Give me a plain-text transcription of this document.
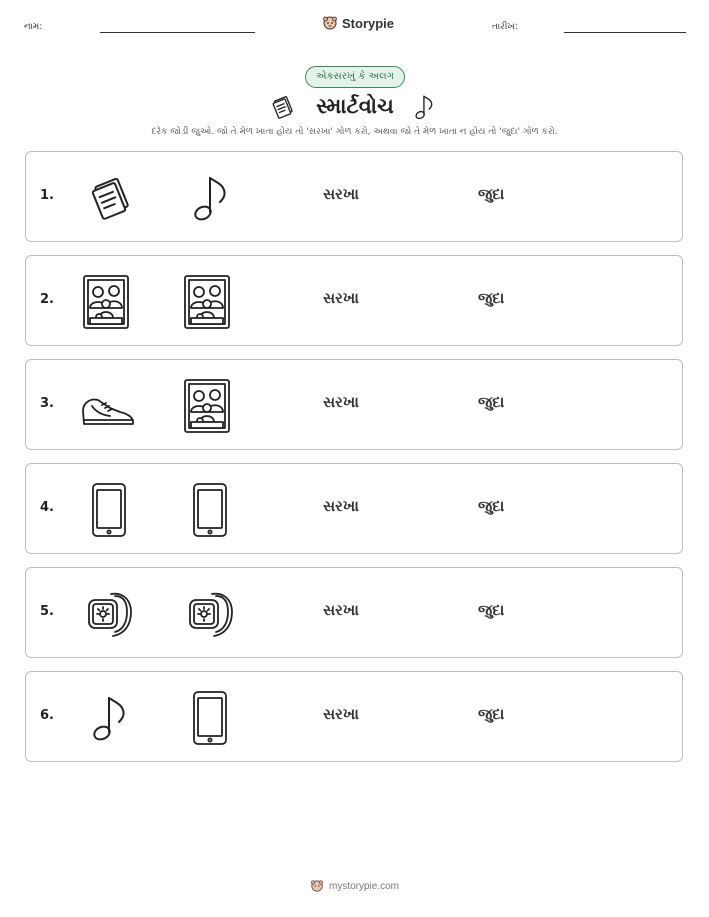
નામ:	Storypie	તારીખ:
એકસરખું કે અલગ
સ્માર્ટવોચ
દરેક જોડી જુઓ. જો તે મેળ ખાતા હોય તો 'સરખા' ગોળ કરો, અથવા જો તે મેળ ખાતા ન હોય તો 'જુદા' ગોળ કરો.
1.	સરખા	જુદા
2.	સરખા	જુદા
3.	સરખા	જુદા
4.	સરખા	જુદા
5.	સરખા	જુદા
6.	સરખા	જુદા
mystorypie.com
